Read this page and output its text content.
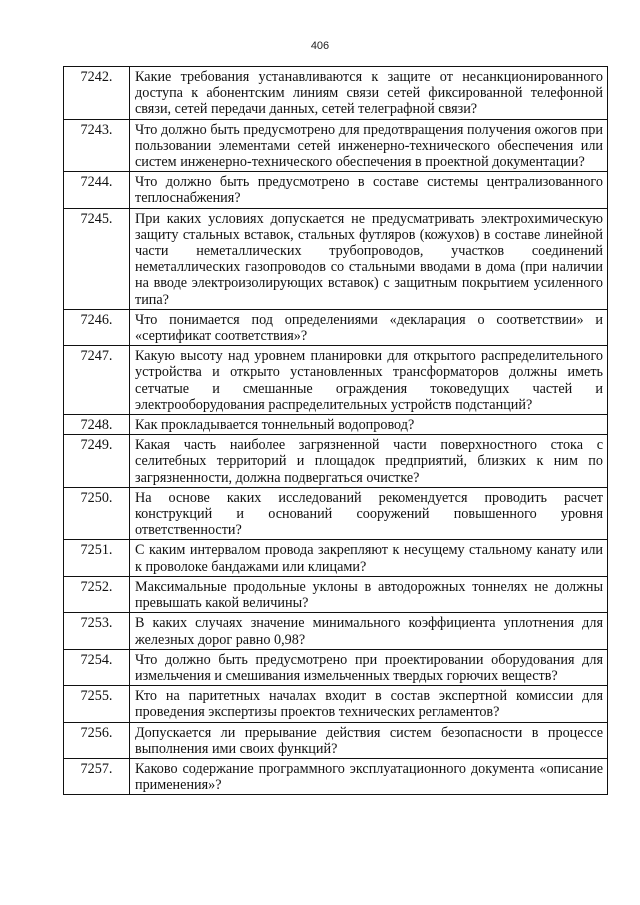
406
7242.	Какие требования устанавливаются к защите от несанкционированного доступа к абонентским линиям связи сетей фиксированной телефонной связи, сетей передачи данных, сетей телеграфной связи?
7243.	Что должно быть предусмотрено для предотвращения получения ожогов при пользовании элементами сетей инженерно-технического обеспечения или систем инженерно-технического обеспечения в проектной документации?
7244.	Что должно быть предусмотрено в составе системы централизованного теплоснабжения?
7245.	При каких условиях допускается не предусматривать электрохимическую защиту стальных вставок, стальных футляров (кожухов) в составе линейной части неметаллических трубопроводов, участков соединений неметаллических газопроводов со стальными вводами в дома (при наличии на вводе электроизолирующих вставок) с защитным покрытием усиленного типа?
7246.	Что понимается под определениями «декларация о соответствии» и «сертификат соответствия»?
7247.	Какую высоту над уровнем планировки для открытого распределительного устройства и открыто установленных трансформаторов должны иметь сетчатые и смешанные ограждения токоведущих частей и электрооборудования распределительных устройств подстанций?
7248.	Как прокладывается тоннельный водопровод?
7249.	Какая часть наиболее загрязненной части поверхностного стока с селитебных территорий и площадок предприятий, близких к ним по загрязненности, должна подвергаться очистке?
7250.	На основе каких исследований рекомендуется проводить расчет конструкций и оснований сооружений повышенного уровня ответственности?
7251.	С каким интервалом провода закрепляют к несущему стальному канату или к проволоке бандажами или клицами?
7252.	Максимальные продольные уклоны в автодорожных тоннелях не должны превышать какой величины?
7253.	В каких случаях значение минимального коэффициента уплотнения для железных дорог равно 0,98?
7254.	Что должно быть предусмотрено при проектировании оборудования для измельчения и смешивания измельченных твердых горючих веществ?
7255.	Кто на паритетных началах входит в состав экспертной комиссии для проведения экспертизы проектов технических регламентов?
7256.	Допускается ли прерывание действия систем безопасности в процессе выполнения ими своих функций?
7257.	Каково содержание программного эксплуатационного документа «описание применения»?
